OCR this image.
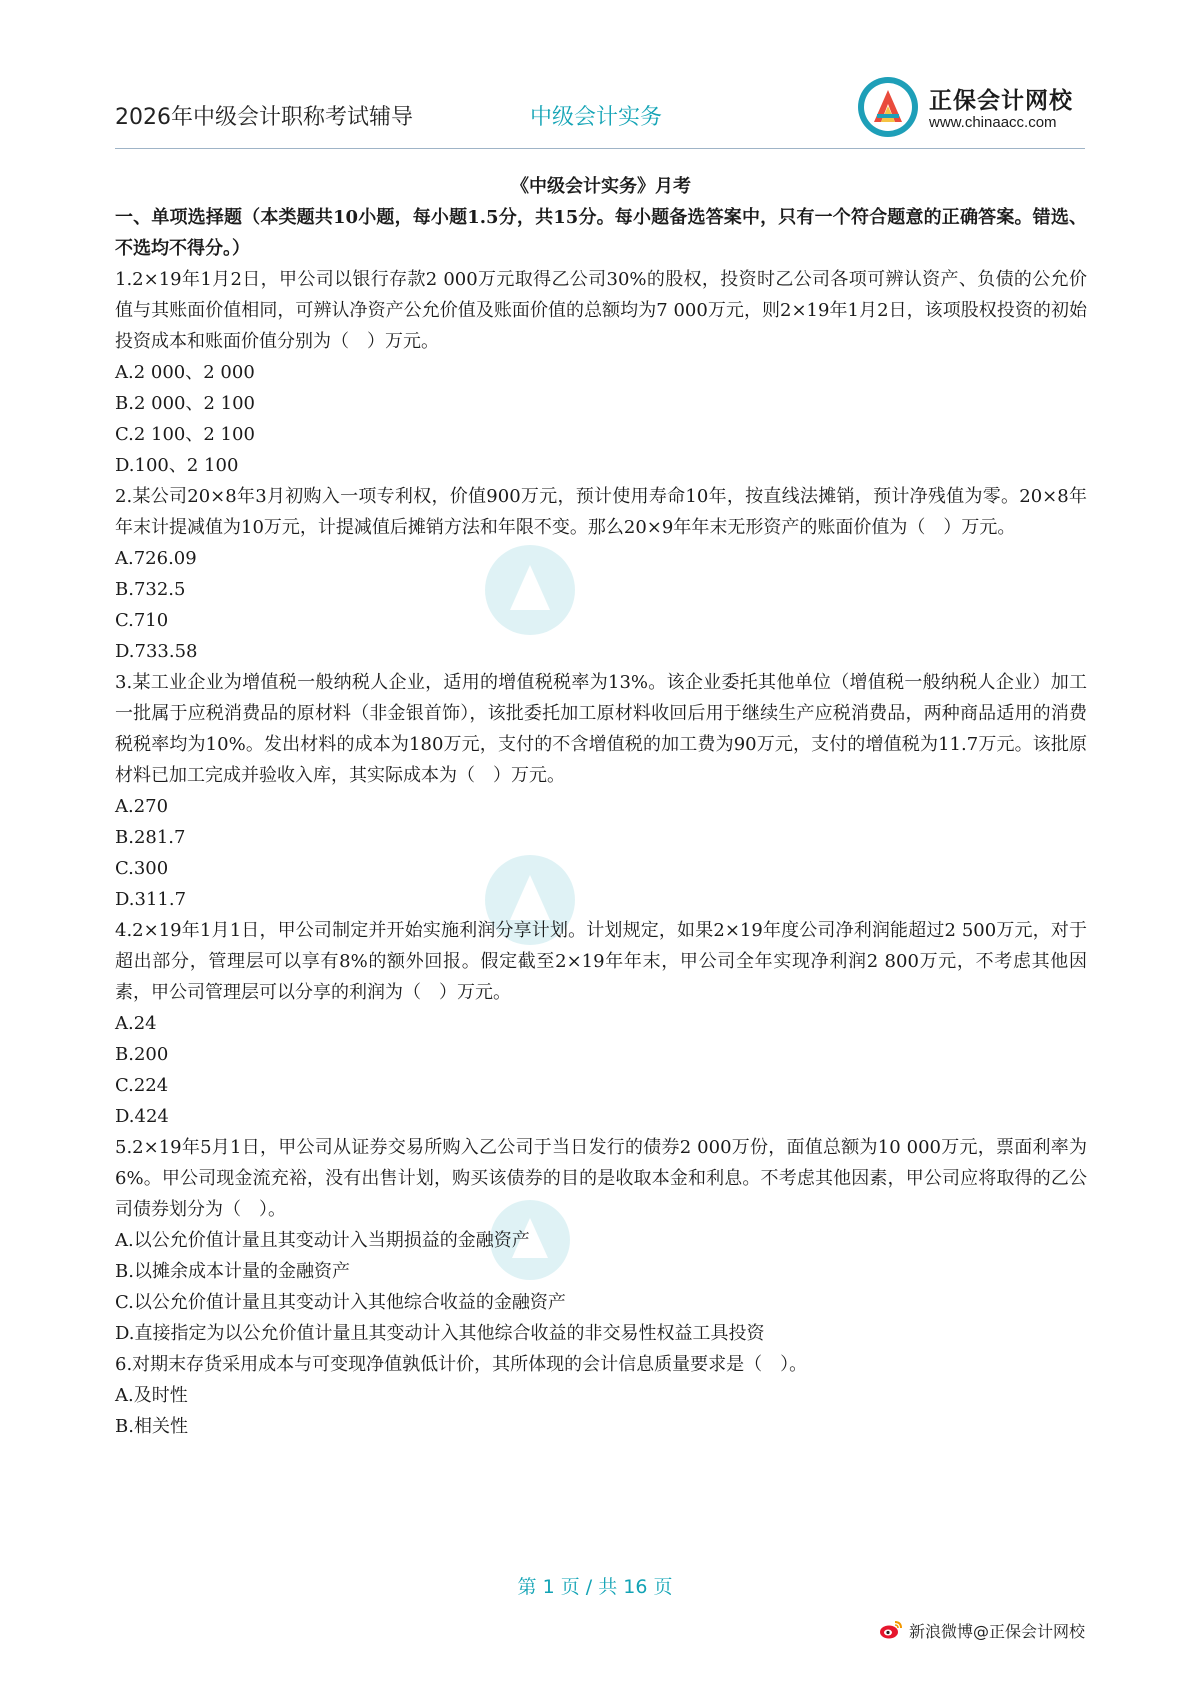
2026年中级会计职称考试辅导	中级会计实务
正保会计网校
www.chinaacc.com
《中级会计实务》月考
一、单项选择题（本类题共10小题，每小题1.5分，共15分。每小题备选答案中，只有一个符合题意的正确答案。错选、不选均不得分。）
1.2×19年1月2日，甲公司以银行存款2 000万元取得乙公司30%的股权，投资时乙公司各项可辨认资产、负债的公允价值与其账面价值相同，可辨认净资产公允价值及账面价值的总额均为7 000万元，则2×19年1月2日，该项股权投资的初始投资成本和账面价值分别为（　）万元。
A.2 000、2 000
B.2 000、2 100
C.2 100、2 100
D.100、2 100
2.某公司20×8年3月初购入一项专利权，价值900万元，预计使用寿命10年，按直线法摊销，预计净残值为零。20×8年年末计提减值为10万元，计提减值后摊销方法和年限不变。那么20×9年年末无形资产的账面价值为（　）万元。
A.726.09
B.732.5
C.710
D.733.58
3.某工业企业为增值税一般纳税人企业，适用的增值税税率为13%。该企业委托其他单位（增值税一般纳税人企业）加工一批属于应税消费品的原材料（非金银首饰），该批委托加工原材料收回后用于继续生产应税消费品，两种商品适用的消费税税率均为10%。发出材料的成本为180万元，支付的不含增值税的加工费为90万元，支付的增值税为11.7万元。该批原材料已加工完成并验收入库，其实际成本为（　）万元。
A.270
B.281.7
C.300
D.311.7
4.2×19年1月1日，甲公司制定并开始实施利润分享计划。计划规定，如果2×19年度公司净利润能超过2 500万元，对于超出部分，管理层可以享有8%的额外回报。假定截至2×19年年末，甲公司全年实现净利润2 800万元，不考虑其他因素，甲公司管理层可以分享的利润为（　）万元。
A.24
B.200
C.224
D.424
5.2×19年5月1日，甲公司从证券交易所购入乙公司于当日发行的债券2 000万份，面值总额为10 000万元，票面利率为6%。甲公司现金流充裕，没有出售计划，购买该债券的目的是收取本金和利息。不考虑其他因素，甲公司应将取得的乙公司债券划分为（　）。
A.以公允价值计量且其变动计入当期损益的金融资产
B.以摊余成本计量的金融资产
C.以公允价值计量且其变动计入其他综合收益的金融资产
D.直接指定为以公允价值计量且其变动计入其他综合收益的非交易性权益工具投资
6.对期末存货采用成本与可变现净值孰低计价，其所体现的会计信息质量要求是（　）。
A.及时性
B.相关性
第 1 页 / 共 16 页
新浪微博@正保会计网校
